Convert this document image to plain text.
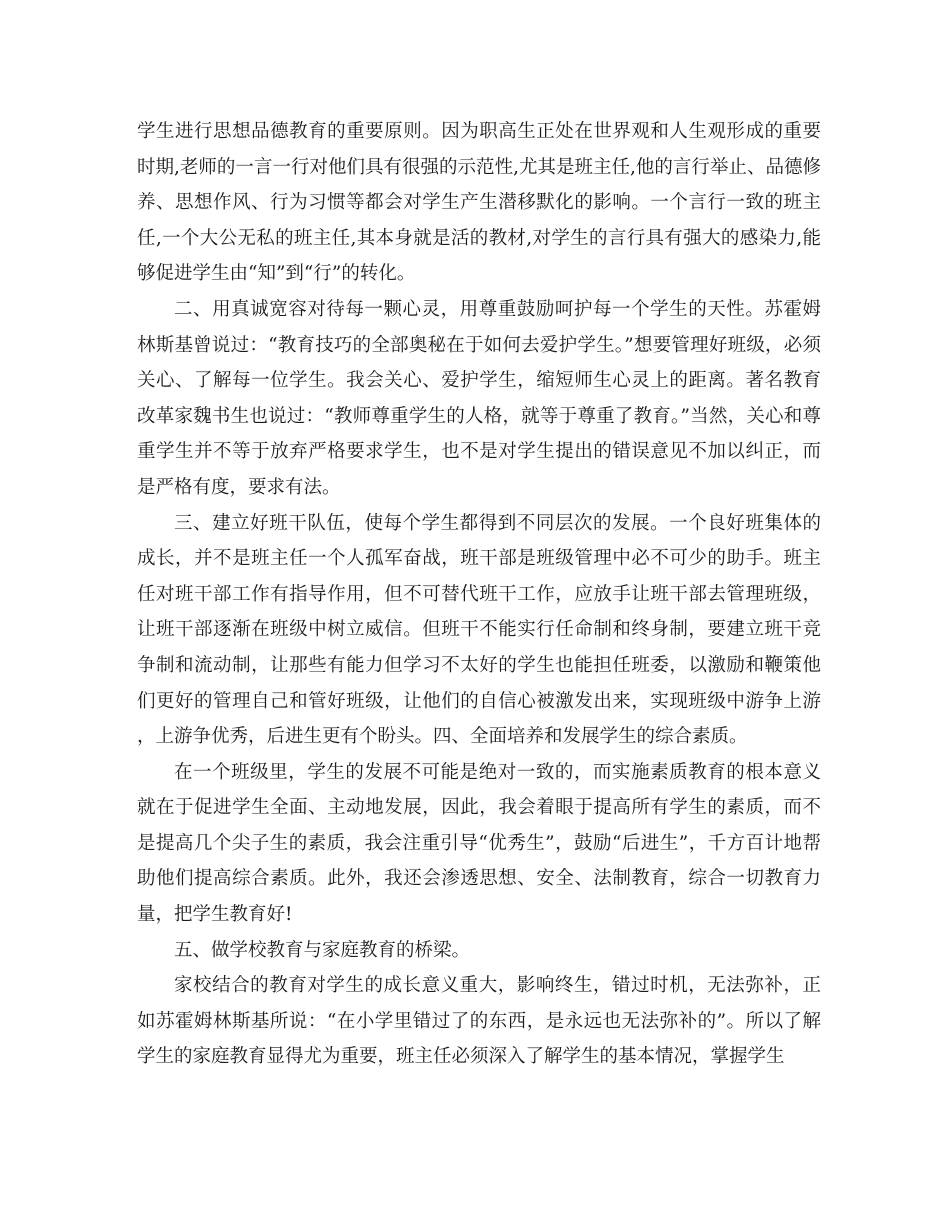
学生进行思想品德教育的重要原则。因为职高生正处在世界观和人生观形成的重要时期,老师的一言一行对他们具有很强的示范性,尤其是班主任,他的言行举止、品德修养、思想作风、行为习惯等都会对学生产生潜移默化的影响。一个言行一致的班主任,一个大公无私的班主任,其本身就是活的教材,对学生的言行具有强大的感染力,能够促进学生由“知”到“行”的转化。

二、用真诚宽容对待每一颗心灵，用尊重鼓励呵护每一个学生的天性。苏霍姆林斯基曾说过：“教育技巧的全部奥秘在于如何去爱护学生。”想要管理好班级，必须关心、了解每一位学生。我会关心、爱护学生，缩短师生心灵上的距离。著名教育改革家魏书生也说过：“教师尊重学生的人格，就等于尊重了教育。”当然，关心和尊重学生并不等于放弃严格要求学生，也不是对学生提出的错误意见不加以纠正，而是严格有度，要求有法。

三、建立好班干队伍，使每个学生都得到不同层次的发展。一个良好班集体的成长，并不是班主任一个人孤军奋战，班干部是班级管理中必不可少的助手。班主任对班干部工作有指导作用，但不可替代班干工作，应放手让班干部去管理班级，让班干部逐渐在班级中树立威信。但班干不能实行任命制和终身制，要建立班干竞争制和流动制，让那些有能力但学习不太好的学生也能担任班委，以激励和鞭策他们更好的管理自己和管好班级，让他们的自信心被激发出来，实现班级中游争上游，上游争优秀，后进生更有个盼头。四、全面培养和发展学生的综合素质。

在一个班级里，学生的发展不可能是绝对一致的，而实施素质教育的根本意义就在于促进学生全面、主动地发展，因此，我会着眼于提高所有学生的素质，而不是提高几个尖子生的素质，我会注重引导“优秀生”，鼓励“后进生”，千方百计地帮助他们提高综合素质。此外，我还会渗透思想、安全、法制教育，综合一切教育力量，把学生教育好!

五、做学校教育与家庭教育的桥梁。

家校结合的教育对学生的成长意义重大，影响终生，错过时机，无法弥补，正如苏霍姆林斯基所说：“在小学里错过了的东西，是永远也无法弥补的”。所以了解学生的家庭教育显得尤为重要，班主任必须深入了解学生的基本情况，掌握学生
